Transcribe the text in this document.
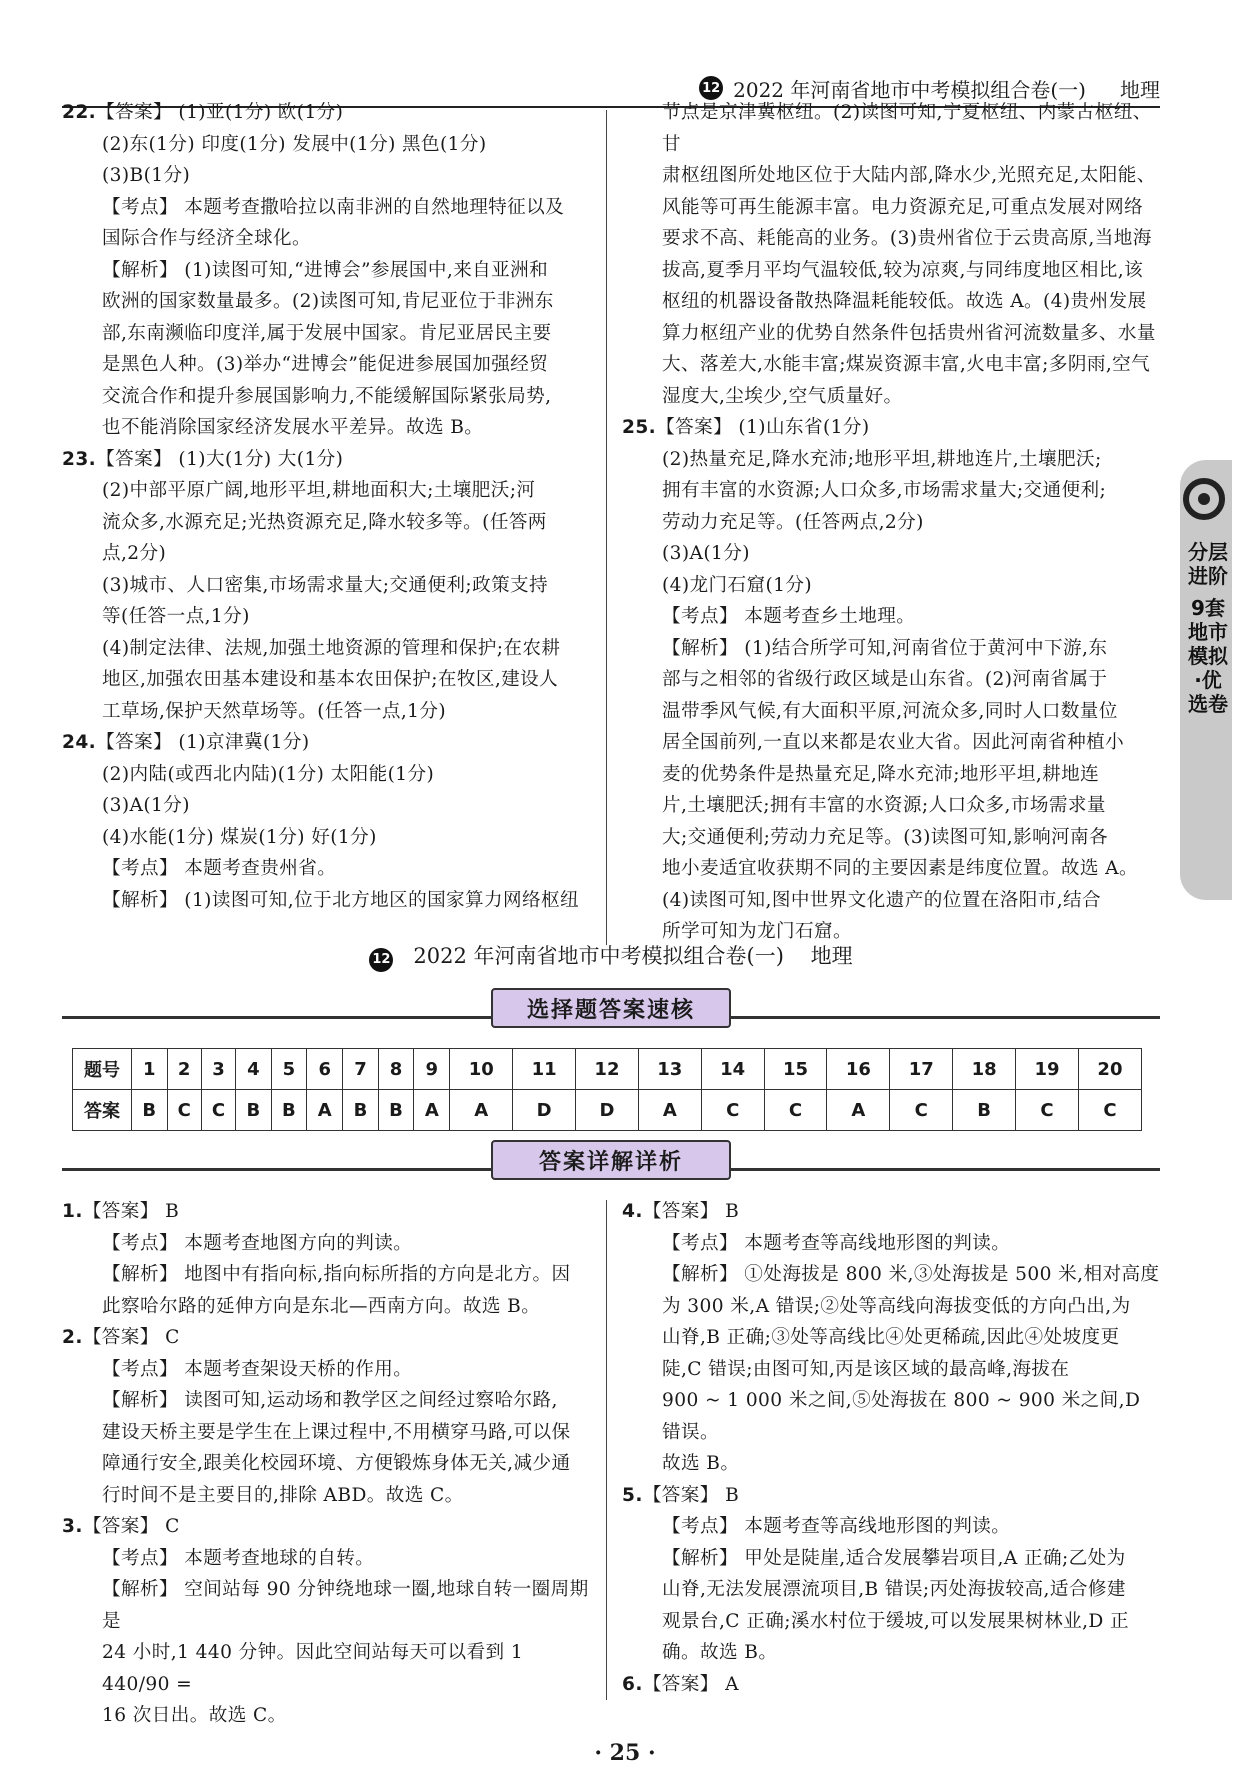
12 2022 年河南省地市中考模拟组合卷(一) 地理

22.【答案】 (1)亚(1分) 欧(1分)

(2)东(1分) 印度(1分) 发展中(1分) 黑色(1分)

(3)B(1分)

【考点】 本题考查撒哈拉以南非洲的自然地理特征以及

国际合作与经济全球化。

【解析】 (1)读图可知,“进博会”参展国中,来自亚洲和

欧洲的国家数量最多。(2)读图可知,肯尼亚位于非洲东

部,东南濒临印度洋,属于发展中国家。肯尼亚居民主要

是黑色人种。(3)举办“进博会”能促进参展国加强经贸

交流合作和提升参展国影响力,不能缓解国际紧张局势,

也不能消除国家经济发展水平差异。故选 B。

23.【答案】 (1)大(1分) 大(1分)

(2)中部平原广阔,地形平坦,耕地面积大;土壤肥沃;河

流众多,水源充足;光热资源充足,降水较多等。(任答两

点,2分)

(3)城市、人口密集,市场需求量大;交通便利;政策支持

等(任答一点,1分)

(4)制定法律、法规,加强土地资源的管理和保护;在农耕

地区,加强农田基本建设和基本农田保护;在牧区,建设人

工草场,保护天然草场等。(任答一点,1分)

24.【答案】 (1)京津冀(1分)

(2)内陆(或西北内陆)(1分) 太阳能(1分)

(3)A(1分)

(4)水能(1分) 煤炭(1分) 好(1分)

【考点】 本题考查贵州省。

【解析】 (1)读图可知,位于北方地区的国家算力网络枢纽

节点是京津冀枢纽。(2)读图可知,宁夏枢纽、内蒙古枢纽、甘

肃枢纽图所处地区位于大陆内部,降水少,光照充足,太阳能、

风能等可再生能源丰富。电力资源充足,可重点发展对网络

要求不高、耗能高的业务。(3)贵州省位于云贵高原,当地海

拔高,夏季月平均气温较低,较为凉爽,与同纬度地区相比,该

枢纽的机器设备散热降温耗能较低。故选 A。(4)贵州发展

算力枢纽产业的优势自然条件包括贵州省河流数量多、水量

大、落差大,水能丰富;煤炭资源丰富,火电丰富;多阴雨,空气

湿度大,尘埃少,空气质量好。

25.【答案】 (1)山东省(1分)

(2)热量充足,降水充沛;地形平坦,耕地连片,土壤肥沃;

拥有丰富的水资源;人口众多,市场需求量大;交通便利;

劳动力充足等。(任答两点,2分)

(3)A(1分)

(4)龙门石窟(1分)

【考点】 本题考查乡土地理。

【解析】 (1)结合所学可知,河南省位于黄河中下游,东

部与之相邻的省级行政区域是山东省。(2)河南省属于

温带季风气候,有大面积平原,河流众多,同时人口数量位

居全国前列,一直以来都是农业大省。因此河南省种植小

麦的优势条件是热量充足,降水充沛;地形平坦,耕地连

片,土壤肥沃;拥有丰富的水资源;人口众多,市场需求量

大;交通便利;劳动力充足等。(3)读图可知,影响河南各

地小麦适宜收获期不同的主要因素是纬度位置。故选 A。

(4)读图可知,图中世界文化遗产的位置在洛阳市,结合

所学可知为龙门石窟。

分层进阶
9套地市模拟·优选卷
12 2022 年河南省地市中考模拟组合卷(一) 地理
选择题答案速核
题号	1	2	3	4	5	6	7	8	9	10	11	12	13	14	15	16	17	18	19	20
答案	B	C	C	B	B	A	B	B	A	A	D	D	A	C	C	A	C	B	C	C
答案详解详析

1.【答案】 B

【考点】 本题考查地图方向的判读。

【解析】 地图中有指向标,指向标所指的方向是北方。因

此察哈尔路的延伸方向是东北—西南方向。故选 B。

2.【答案】 C

【考点】 本题考查架设天桥的作用。

【解析】 读图可知,运动场和教学区之间经过察哈尔路,

建设天桥主要是学生在上课过程中,不用横穿马路,可以保

障通行安全,跟美化校园环境、方便锻炼身体无关,减少通

行时间不是主要目的,排除 ABD。故选 C。

3.【答案】 C

【考点】 本题考查地球的自转。

【解析】 空间站每 90 分钟绕地球一圈,地球自转一圈周期是

24 小时,1 440 分钟。因此空间站每天可以看到 1 440/90 =

16 次日出。故选 C。

4.【答案】 B

【考点】 本题考查等高线地形图的判读。

【解析】 ①处海拔是 800 米,③处海拔是 500 米,相对高度

为 300 米,A 错误;②处等高线向海拔变低的方向凸出,为

山脊,B 正确;③处等高线比④处更稀疏,因此④处坡度更

陡,C 错误;由图可知,丙是该区域的最高峰,海拔在

900 ~ 1 000 米之间,⑤处海拔在 800 ~ 900 米之间,D 错误。

故选 B。

5.【答案】 B

【考点】 本题考查等高线地形图的判读。

【解析】 甲处是陡崖,适合发展攀岩项目,A 正确;乙处为

山脊,无法发展漂流项目,B 错误;丙处海拔较高,适合修建

观景台,C 正确;溪水村位于缓坡,可以发展果树林业,D 正

确。故选 B。

6.【答案】 A

· 25 ·
